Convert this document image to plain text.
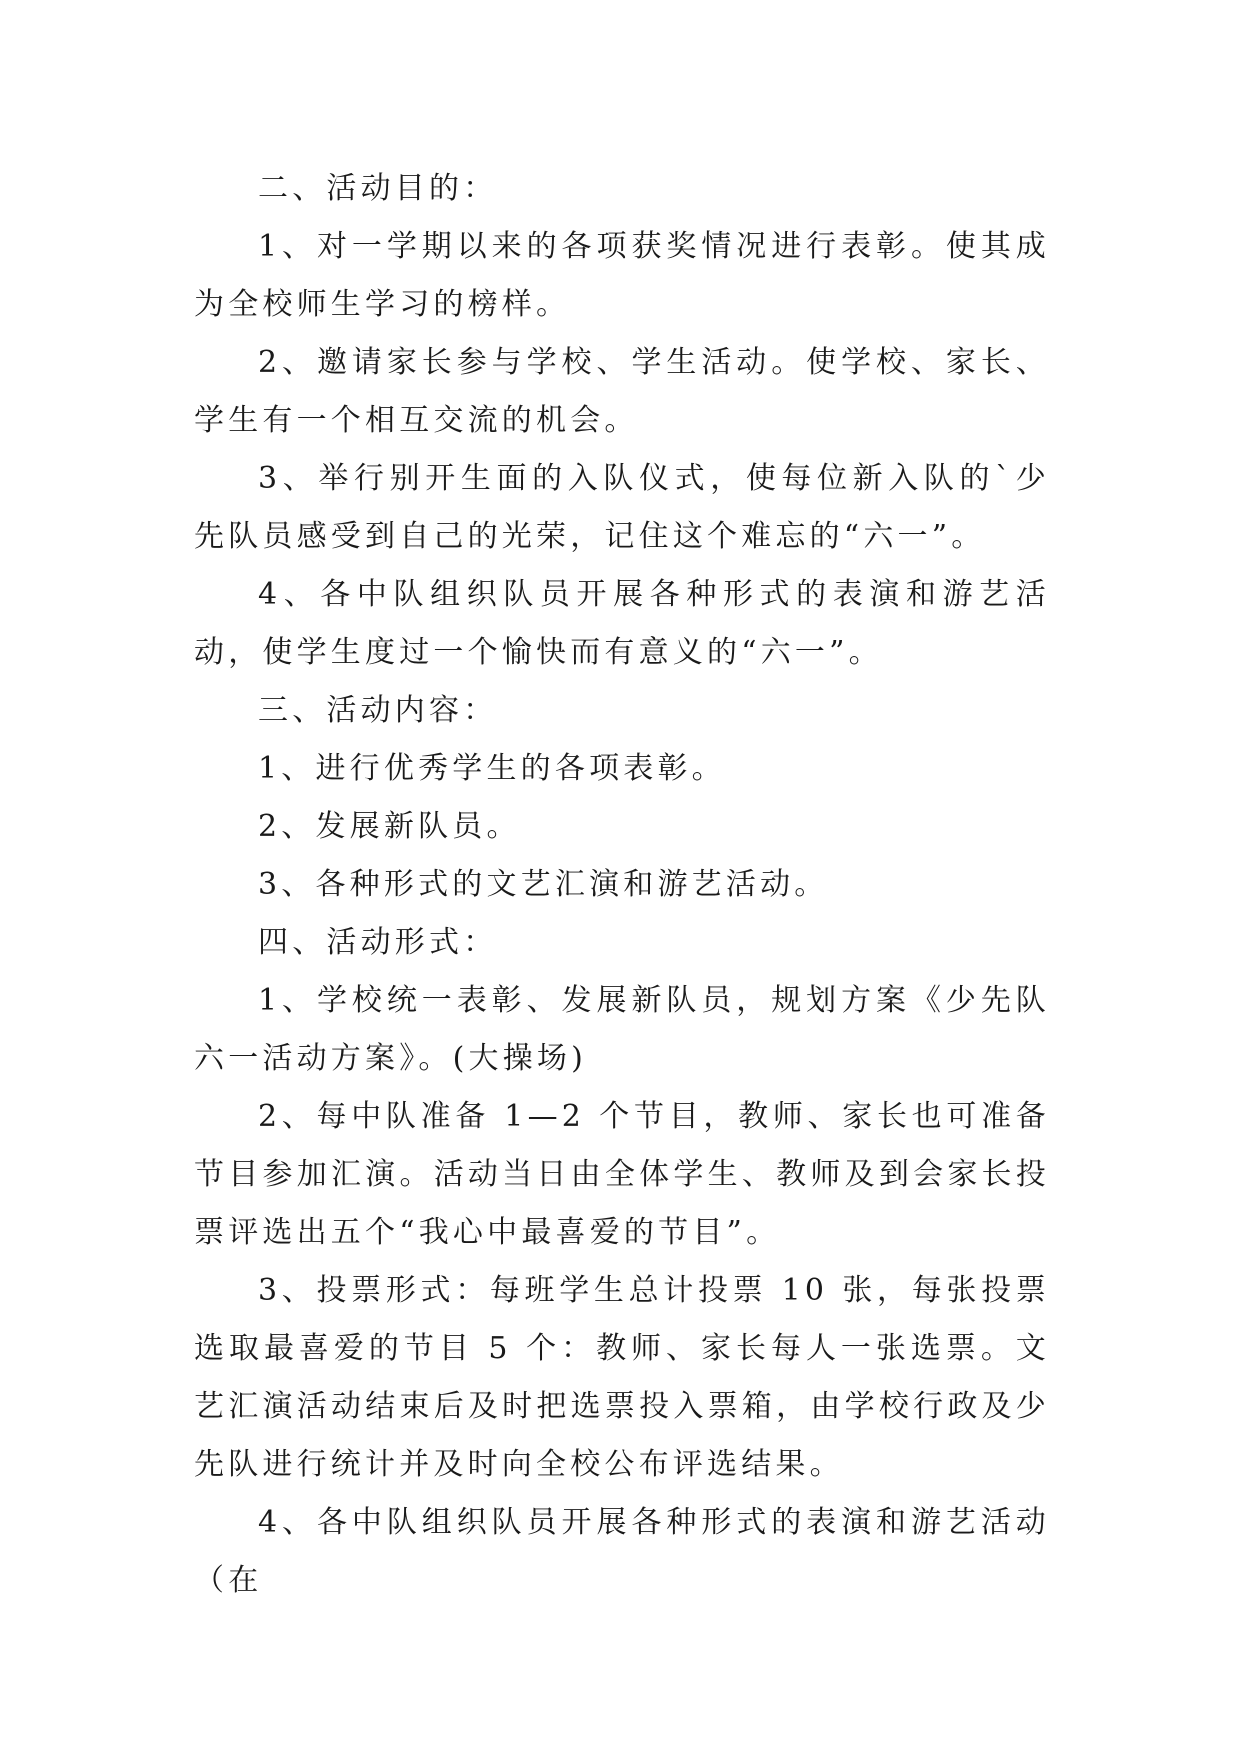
二、活动目的：

1、对一学期以来的各项获奖情况进行表彰。使其成为全校师生学习的榜样。

2、邀请家长参与学校、学生活动。使学校、家长、学生有一个相互交流的机会。

3、举行别开生面的入队仪式，使每位新入队的`少先队员感受到自己的光荣，记住这个难忘的“六一”。

4、各中队组织队员开展各种形式的表演和游艺活动，使学生度过一个愉快而有意义的“六一”。

三、活动内容：

1、进行优秀学生的各项表彰。

2、发展新队员。

3、各种形式的文艺汇演和游艺活动。

四、活动形式：

1、学校统一表彰、发展新队员，规划方案《少先队六一活动方案》。(大操场)

2、每中队准备 1—2 个节目，教师、家长也可准备节目参加汇演。活动当日由全体学生、教师及到会家长投票评选出五个“我心中最喜爱的节目”。

3、投票形式：每班学生总计投票 10 张，每张投票选取最喜爱的节目 5 个：教师、家长每人一张选票。文艺汇演活动结束后及时把选票投入票箱，由学校行政及少先队进行统计并及时向全校公布评选结果。

4、各中队组织队员开展各种形式的表演和游艺活动（在
